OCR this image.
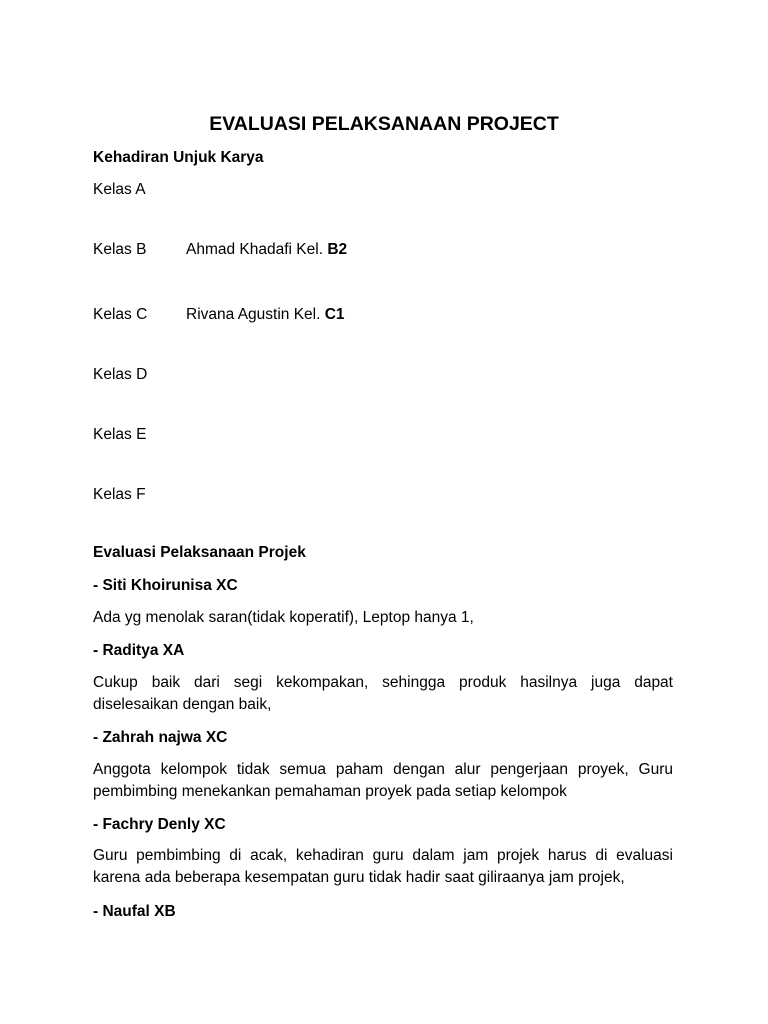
EVALUASI PELAKSANAAN PROJECT
Kehadiran Unjuk Karya
Kelas A
Kelas B	Ahmad Khadafi Kel. B2
Kelas C Rivana Agustin Kel. C1
Kelas D
Kelas E
Kelas F
Evaluasi Pelaksanaan Projek
- Siti Khoirunisa XC
Ada yg menolak saran(tidak koperatif), Leptop hanya 1,
- Raditya XA
Cukup baik dari segi kekompakan, sehingga produk hasilnya juga dapat diselesaikan dengan baik,
- Zahrah najwa XC
Anggota kelompok tidak semua paham dengan alur pengerjaan proyek, Guru pembimbing menekankan pemahaman proyek pada setiap kelompok
- Fachry Denly XC
Guru pembimbing di acak, kehadiran guru dalam jam projek harus di evaluasi karena ada beberapa kesempatan guru tidak hadir saat giliraanya jam projek,
- Naufal XB
